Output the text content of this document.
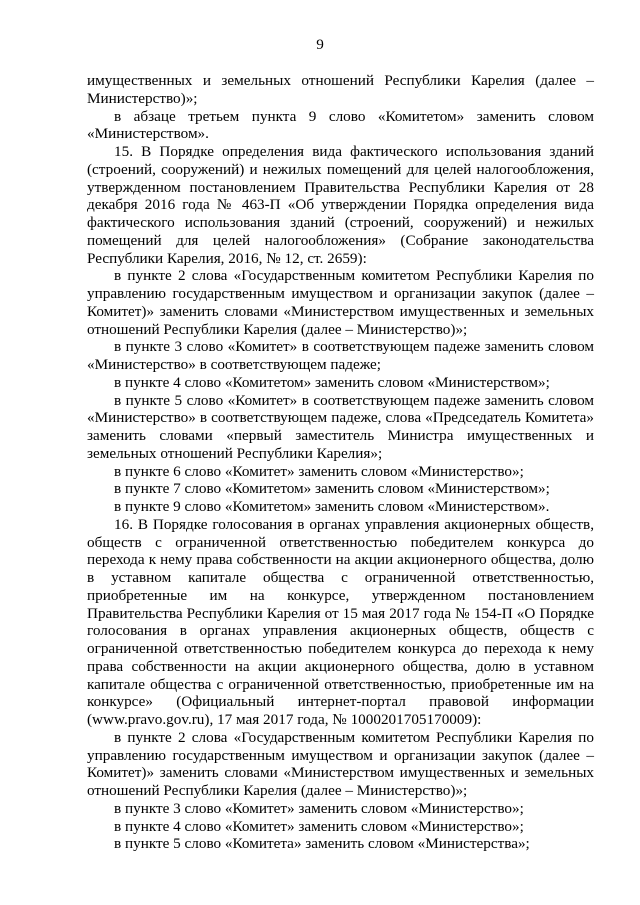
9

имущественных и земельных отношений Республики Карелия (далее – Министерство)»;

в абзаце третьем пункта 9 слово «Комитетом» заменить словом «Министерством».

15. В Порядке определения вида фактического использования зданий (строений, сооружений) и нежилых помещений для целей налогообложения, утвержденном постановлением Правительства Республики Карелия от 28 декабря 2016 года № 463-П «Об утверждении Порядка определения вида фактического использования зданий (строений, сооружений) и нежилых помещений для целей налогообложения» (Собрание законодательства Республики Карелия, 2016, № 12, ст. 2659):

в пункте 2 слова «Государственным комитетом Республики Карелия по управлению государственным имуществом и организации закупок (далее – Комитет)» заменить словами «Министерством имущественных и земельных отношений Республики Карелия (далее – Министерство)»;

в пункте 3 слово «Комитет» в соответствующем падеже заменить словом «Министерство» в соответствующем падеже;

в пункте 4 слово «Комитетом» заменить словом «Министерством»;

в пункте 5 слово «Комитет» в соответствующем падеже заменить словом «Министерство» в соответствующем падеже, слова «Председатель Комитета» заменить словами «первый заместитель Министра имущественных и земельных отношений Республики Карелия»;

в пункте 6 слово «Комитет» заменить словом «Министерство»;

в пункте 7 слово «Комитетом» заменить словом «Министерством»;

в пункте 9 слово «Комитетом» заменить словом «Министерством».

16. В Порядке голосования в органах управления акционерных обществ, обществ с ограниченной ответственностью победителем конкурса до перехода к нему права собственности на акции акционерного общества, долю в уставном капитале общества с ограниченной ответственностью, приобретенные им на конкурсе, утвержденном постановлением Правительства Республики Карелия от 15 мая 2017 года № 154-П «О Порядке голосования в органах управления акционерных обществ, обществ с ограниченной ответственностью победителем конкурса до перехода к нему права собственности на акции акционерного общества, долю в уставном капитале общества с ограниченной ответственностью, приобретенные им на конкурсе» (Официальный интернет-портал правовой информации (www.pravo.gov.ru), 17 мая 2017 года, № 1000201705170009):

в пункте 2 слова «Государственным комитетом Республики Карелия по управлению государственным имуществом и организации закупок (далее – Комитет)» заменить словами «Министерством имущественных и земельных отношений Республики Карелия (далее – Министерство)»;

в пункте 3 слово «Комитет» заменить словом «Министерство»;

в пункте 4 слово «Комитет» заменить словом «Министерство»;

в пункте 5 слово «Комитета» заменить словом «Министерства»;
